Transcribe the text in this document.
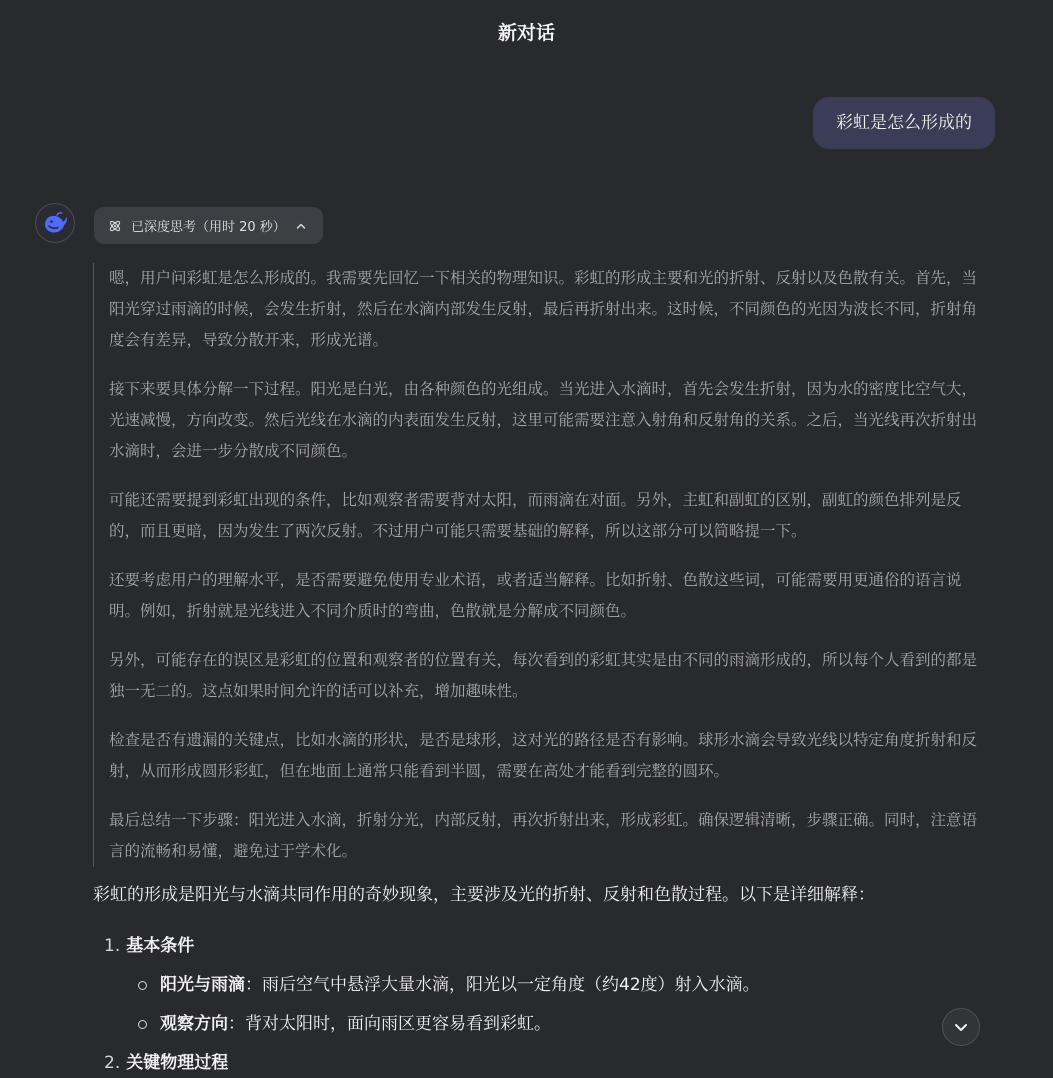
新对话
彩虹是怎么形成的
已深度思考（用时 20 秒）

嗯，用户问彩虹是怎么形成的。我需要先回忆一下相关的物理知识。彩虹的形成主要和光的折射、反射以及色散有关。首先，当阳光穿过雨滴的时候，会发生折射，然后在水滴内部发生反射，最后再折射出来。这时候，不同颜色的光因为波长不同，折射角度会有差异，导致分散开来，形成光谱。

接下来要具体分解一下过程。阳光是白光，由各种颜色的光组成。当光进入水滴时，首先会发生折射，因为水的密度比空气大，光速减慢，方向改变。然后光线在水滴的内表面发生反射，这里可能需要注意入射角和反射角的关系。之后，当光线再次折射出水滴时，会进一步分散成不同颜色。

可能还需要提到彩虹出现的条件，比如观察者需要背对太阳，而雨滴在对面。另外，主虹和副虹的区别，副虹的颜色排列是反的，而且更暗，因为发生了两次反射。不过用户可能只需要基础的解释，所以这部分可以简略提一下。

还要考虑用户的理解水平，是否需要避免使用专业术语，或者适当解释。比如折射、色散这些词，可能需要用更通俗的语言说明。例如，折射就是光线进入不同介质时的弯曲，色散就是分解成不同颜色。

另外，可能存在的误区是彩虹的位置和观察者的位置有关，每次看到的彩虹其实是由不同的雨滴形成的，所以每个人看到的都是独一无二的。这点如果时间允许的话可以补充，增加趣味性。

检查是否有遗漏的关键点，比如水滴的形状，是否是球形，这对光的路径是否有影响。球形水滴会导致光线以特定角度折射和反射，从而形成圆形彩虹，但在地面上通常只能看到半圆，需要在高处才能看到完整的圆环。

最后总结一下步骤：阳光进入水滴，折射分光，内部反射，再次折射出来，形成彩虹。确保逻辑清晰，步骤正确。同时，注意语言的流畅和易懂，避免过于学术化。

彩虹的形成是阳光与水滴共同作用的奇妙现象，主要涉及光的折射、反射和色散过程。以下是详细解释：
1. 基本条件
阳光与雨滴 ：雨后空气中悬浮大量水滴，阳光以一定角度（约42度）射入水滴。
观察方向 ：背对太阳时，面向雨区更容易看到彩虹。
2. 关键物理过程
